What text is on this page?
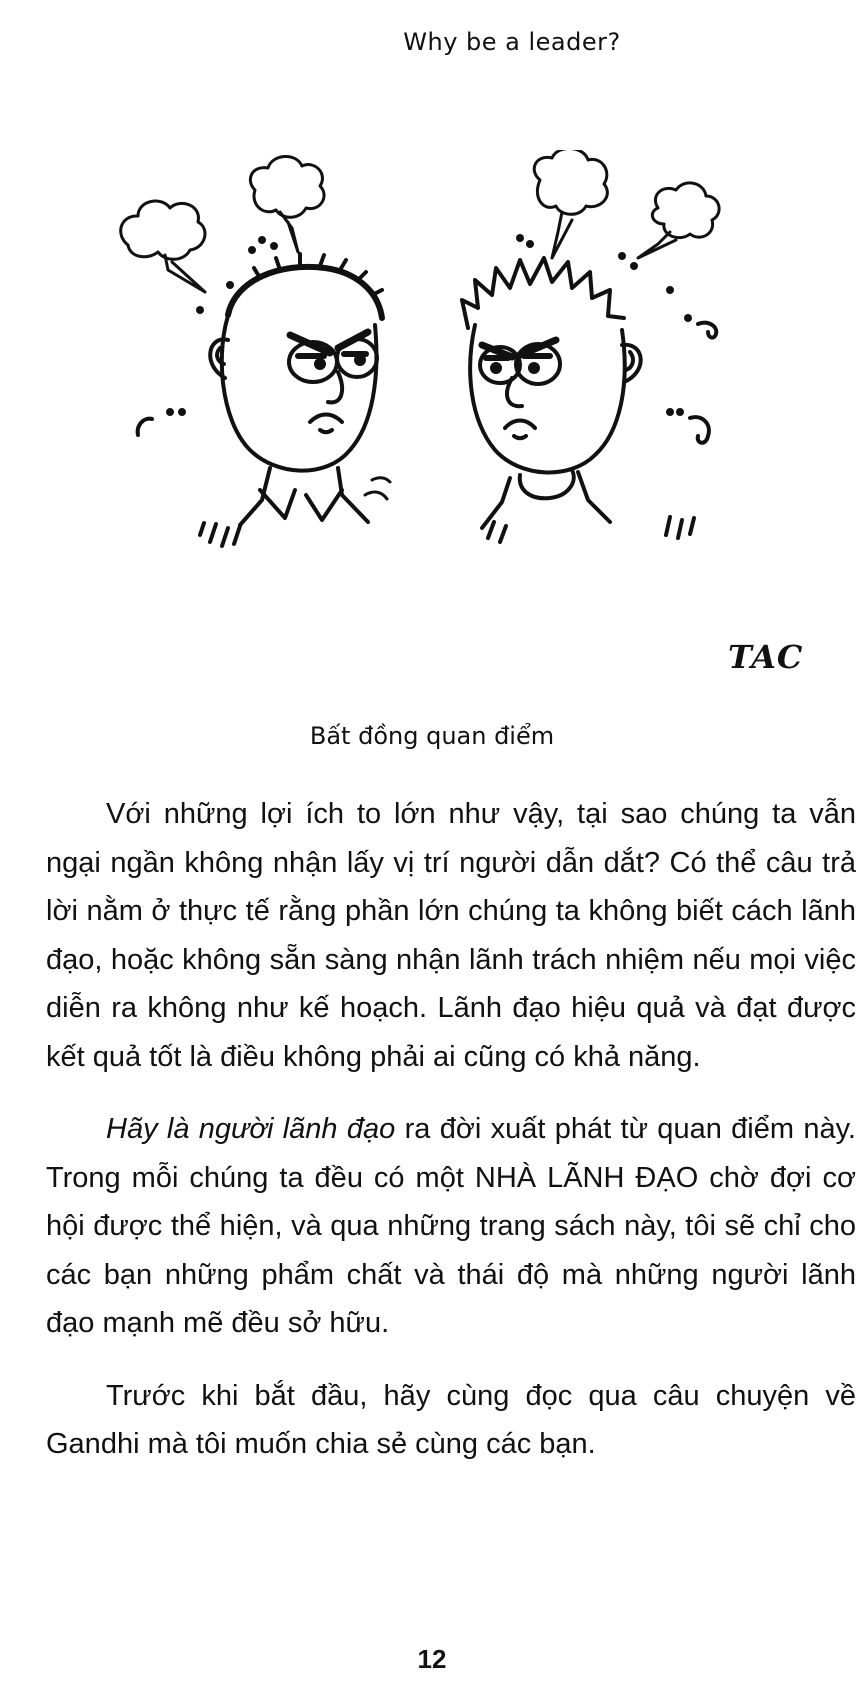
Why be a leader?
TAC
Bất đồng quan điểm

Với những lợi ích to lớn như vậy, tại sao chúng ta vẫn ngại ngần không nhận lấy vị trí người dẫn dắt? Có thể câu trả lời nằm ở thực tế rằng phần lớn chúng ta không biết cách lãnh đạo, hoặc không sẵn sàng nhận lãnh trách nhiệm nếu mọi việc diễn ra không như kế hoạch. Lãnh đạo hiệu quả và đạt được kết quả tốt là điều không phải ai cũng có khả năng.

Hãy là người lãnh đạo ra đời xuất phát từ quan điểm này. Trong mỗi chúng ta đều có một NHÀ LÃNH ĐẠO chờ đợi cơ hội được thể hiện, và qua những trang sách này, tôi sẽ chỉ cho các bạn những phẩm chất và thái độ mà những người lãnh đạo mạnh mẽ đều sở hữu.

Trước khi bắt đầu, hãy cùng đọc qua câu chuyện về Gandhi mà tôi muốn chia sẻ cùng các bạn.

12
